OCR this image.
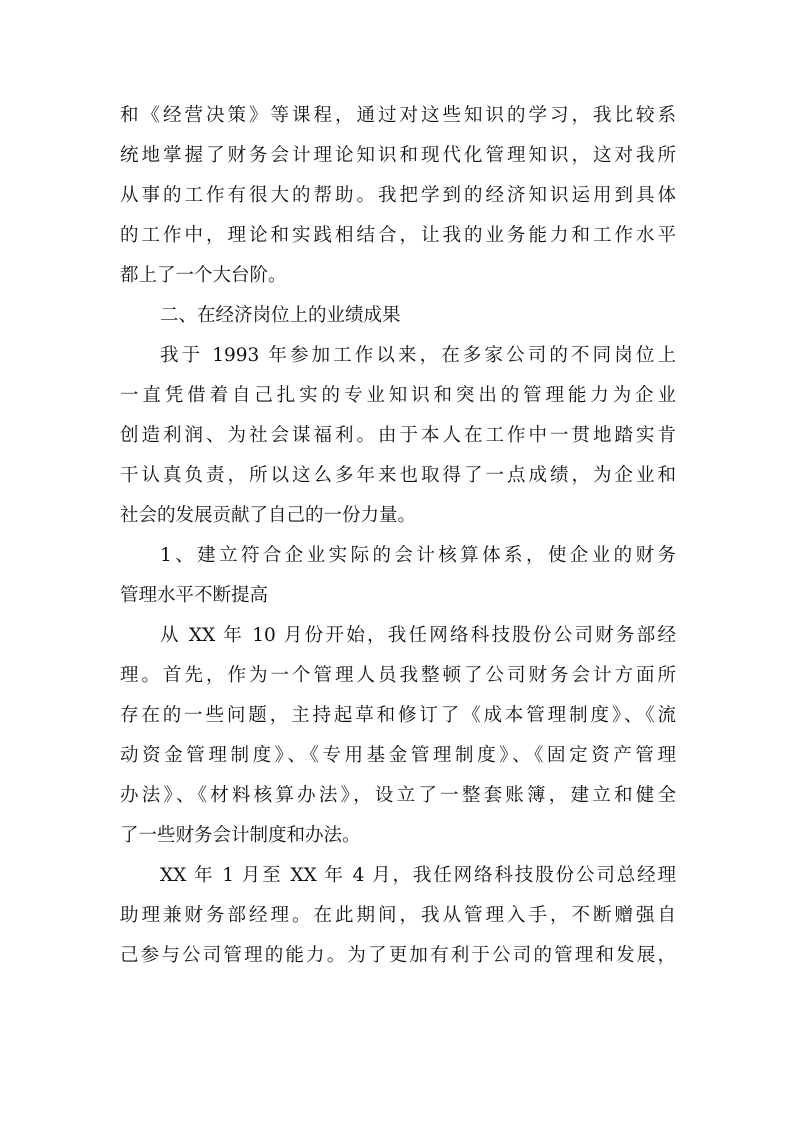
和《经营决策》等课程，通过对这些知识的学习，我比较系
统地掌握了财务会计理论知识和现代化管理知识，这对我所
从事的工作有很大的帮助。我把学到的经济知识运用到具体
的工作中，理论和实践相结合，让我的业务能力和工作水平
都上了一个大台阶。
二、在经济岗位上的业绩成果
我于 1993 年参加工作以来，在多家公司的不同岗位上
一直凭借着自己扎实的专业知识和突出的管理能力为企业
创造利润、为社会谋福利。由于本人在工作中一贯地踏实肯
干认真负责，所以这么多年来也取得了一点成绩，为企业和
社会的发展贡献了自己的一份力量。
1、建立符合企业实际的会计核算体系，使企业的财务
管理水平不断提高
从 XX 年 10 月份开始，我任网络科技股份公司财务部经
理。首先，作为一个管理人员我整顿了公司财务会计方面所
存在的一些问题，主持起草和修订了《成本管理制度》、《流
动资金管理制度》、《专用基金管理制度》、《固定资产管理
办法》、《材料核算办法》，设立了一整套账簿，建立和健全
了一些财务会计制度和办法。
XX 年 1 月至 XX 年 4 月，我任网络科技股份公司总经理
助理兼财务部经理。在此期间，我从管理入手，不断赠强自
己参与公司管理的能力。为了更加有利于公司的管理和发展，
